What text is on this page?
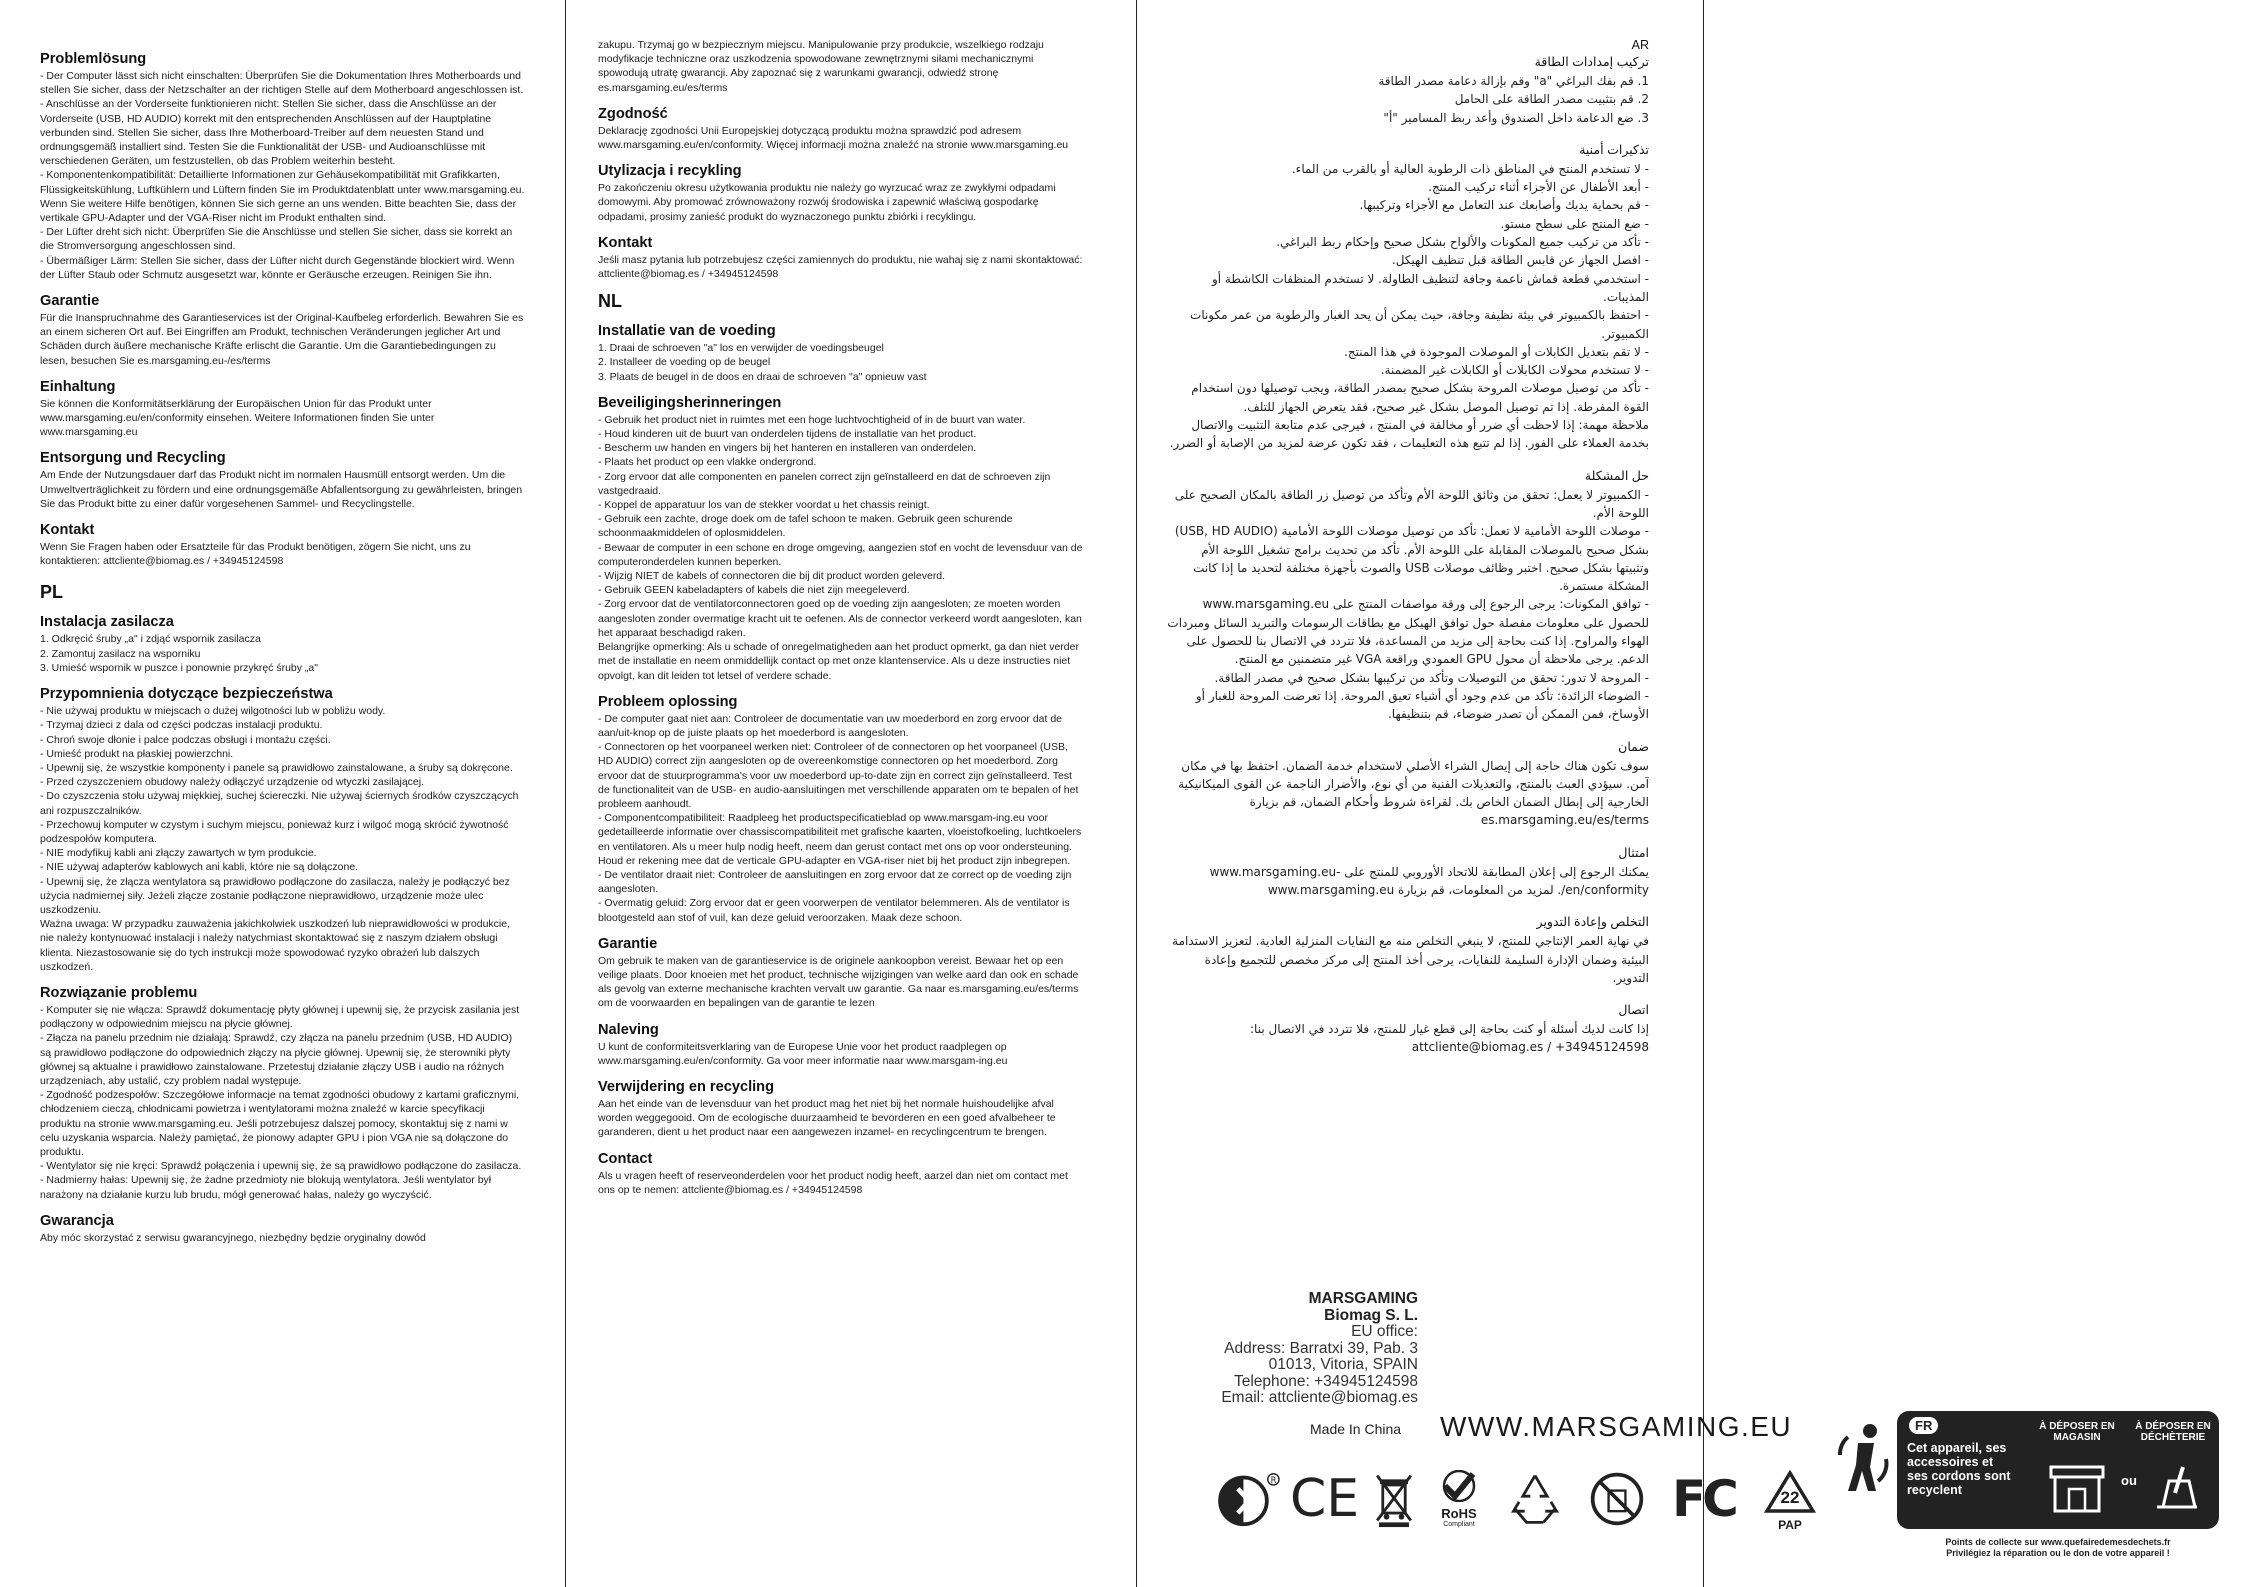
Problemlösung
- Der Computer lässt sich nicht einschalten: Überprüfen Sie die Dokumentation Ihres Motherboards und stellen Sie sicher, dass der Netzschalter an der richtigen Stelle auf dem Motherboard angeschlossen ist.
- Anschlüsse an der Vorderseite funktionieren nicht: Stellen Sie sicher, dass die Anschlüsse an der Vorderseite (USB, HD AUDIO) korrekt mit den entsprechenden Anschlüssen auf der Hauptplatine verbunden sind. Stellen Sie sicher, dass Ihre Motherboard-Treiber auf dem neuesten Stand und ordnungsgemäß installiert sind. Testen Sie die Funktionalität der USB- und Audioanschlüsse mit verschiedenen Geräten, um festzustellen, ob das Problem weiterhin besteht.
- Komponentenkompatibilität: Detaillierte Informationen zur Gehäusekompatibilität mit Grafikkarten, Flüssigkeitskühlung, Luftkühlern und Lüftern finden Sie im Produktdatenblatt unter www.marsgaming.eu. Wenn Sie weitere Hilfe benötigen, können Sie sich gerne an uns wenden. Bitte beachten Sie, dass der vertikale GPU-Adapter und der VGA-Riser nicht im Produkt enthalten sind.
- Der Lüfter dreht sich nicht: Überprüfen Sie die Anschlüsse und stellen Sie sicher, dass sie korrekt an die Stromversorgung angeschlossen sind.
- Übermäßiger Lärm: Stellen Sie sicher, dass der Lüfter nicht durch Gegenstände blockiert wird. Wenn der Lüfter Staub oder Schmutz ausgesetzt war, könnte er Geräusche erzeugen. Reinigen Sie ihn.
Garantie
Für die Inanspruchnahme des Garantieservices ist der Original-Kaufbeleg erforderlich. Bewahren Sie es an einem sicheren Ort auf. Bei Eingriffen am Produkt, technischen Veränderungen jeglicher Art und Schäden durch äußere mechanische Kräfte erlischt die Garantie. Um die Garantiebedingungen zu lesen, besuchen Sie es.marsgaming.eu-/es/terms
Einhaltung
Sie können die Konformitätserklärung der Europäischen Union für das Produkt unter www.marsgaming.eu/en/conformity einsehen. Weitere Informationen finden Sie unter www.marsgaming.eu
Entsorgung und Recycling
Am Ende der Nutzungsdauer darf das Produkt nicht im normalen Hausmüll entsorgt werden. Um die Umweltverträglichkeit zu fördern und eine ordnungsgemäße Abfallentsorgung zu gewährleisten, bringen Sie das Produkt bitte zu einer dafür vorgesehenen Sammel- und Recyclingstelle.
Kontakt
Wenn Sie Fragen haben oder Ersatzteile für das Produkt benötigen, zögern Sie nicht, uns zu kontaktieren: attcliente@biomag.es / +34945124598
PL
Instalacja zasilacza
1. Odkręcić śruby „a" i zdjąć wspornik zasilacza
2. Zamontuj zasilacz na wsporniku
3. Umieść wspornik w puszce i ponownie przykręć śruby „a"
Przypomnienia dotyczące bezpieczeństwa
- Nie używaj produktu w miejscach o dużej wilgotności lub w pobliżu wody.
- Trzymaj dzieci z dala od części podczas instalacji produktu.
- Chroń swoje dłonie i palce podczas obsługi i montażu części.
- Umieść produkt na płaskiej powierzchni.
- Upewnij się, że wszystkie komponenty i panele są prawidłowo zainstalowane, a śruby są dokręcone.
- Przed czyszczeniem obudowy należy odłączyć urządzenie od wtyczki zasilającej.
- Do czyszczenia stołu używaj miękkiej, suchej ściereczki. Nie używaj ściernych środków czyszczących ani rozpuszczalników.
- Przechowuj komputer w czystym i suchym miejscu, ponieważ kurz i wilgoć mogą skrócić żywotność podzespołów komputera.
- NIE modyfikuj kabli ani złączy zawartych w tym produkcie.
- NIE używaj adapterów kablowych ani kabli, które nie są dołączone.
- Upewnij się, że złącza wentylatora są prawidłowo podłączone do zasilacza, należy je podłączyć bez użycia nadmiernej siły. Jeżeli złącze zostanie podłączone nieprawidłowo, urządzenie może ulec uszkodzeniu.
Ważna uwaga: W przypadku zauważenia jakichkolwiek uszkodzeń lub nieprawidłowości w produkcie, nie należy kontynuować instalacji i należy natychmiast skontaktować się z naszym działem obsługi klienta. Niezastosowanie się do tych instrukcji może spowodować ryzyko obrażeń lub dalszych uszkodzeń.
Rozwiązanie problemu
- Komputer się nie włącza: Sprawdź dokumentację płyty głównej i upewnij się, że przycisk zasilania jest podłączony w odpowiednim miejscu na płycie głównej.
- Złącza na panelu przednim nie działają: Sprawdź, czy złącza na panelu przednim (USB, HD AUDIO) są prawidłowo podłączone do odpowiednich złączy na płycie głównej. Upewnij się, że sterowniki płyty głównej są aktualne i prawidłowo zainstalowane. Przetestuj działanie złączy USB i audio na różnych urządzeniach, aby ustalić, czy problem nadal występuje.
- Zgodność podzespołów: Szczegółowe informacje na temat zgodności obudowy z kartami graficznymi, chłodzeniem cieczą, chłodnicami powietrza i wentylatorami można znaleźć w karcie specyfikacji produktu na stronie www.marsgaming.eu. Jeśli potrzebujesz dalszej pomocy, skontaktuj się z nami w celu uzyskania wsparcia. Należy pamiętać, że pionowy adapter GPU i pion VGA nie są dołączone do produktu.
- Wentylator się nie kręci: Sprawdź połączenia i upewnij się, że są prawidłowo podłączone do zasilacza.
- Nadmierny hałas: Upewnij się, że żadne przedmioty nie blokują wentylatora. Jeśli wentylator był narażony na działanie kurzu lub brudu, mógł generować hałas, należy go wyczyścić.
Gwarancja
Aby móc skorzystać z serwisu gwarancyjnego, niezbędny będzie oryginalny dowód
zakupu. Trzymaj go w bezpiecznym miejscu. Manipulowanie przy produkcie, wszelkiego rodzaju modyfikacje techniczne oraz uszkodzenia spowodowane zewnętrznymi siłami mechanicznymi spowodują utratę gwarancji. Aby zapoznać się z warunkami gwarancji, odwiedź stronę es.marsgaming.eu/es/terms
Zgodność
Deklarację zgodności Unii Europejskiej dotyczącą produktu można sprawdzić pod adresem www.marsgaming.eu/en/conformity. Więcej informacji można znaleźć na stronie www.marsgaming.eu
Utylizacja i recykling
Po zakończeniu okresu użytkowania produktu nie należy go wyrzucać wraz ze zwykłymi odpadami domowymi. Aby promować zrównoważony rozwój środowiska i zapewnić właściwą gospodarkę odpadami, prosimy zanieść produkt do wyznaczonego punktu zbiórki i recyklingu.
Kontakt
Jeśli masz pytania lub potrzebujesz części zamiennych do produktu, nie wahaj się z nami skontaktować: attcliente@biomag.es / +34945124598
NL
Installatie van de voeding
1. Draai de schroeven "a" los en verwijder de voedingsbeugel
2. Installeer de voeding op de beugel
3. Plaats de beugel in de doos en draai de schroeven "a" opnieuw vast
Beveiligingsherinneringen
- Gebruik het product niet in ruimtes met een hoge luchtvochtigheid of in de buurt van water.
- Houd kinderen uit de buurt van onderdelen tijdens de installatie van het product.
- Bescherm uw handen en vingers bij het hanteren en installeren van onderdelen.
- Plaats het product op een vlakke ondergrond.
- Zorg ervoor dat alle componenten en panelen correct zijn geïnstalleerd en dat de schroeven zijn vastgedraaid.
- Koppel de apparatuur los van de stekker voordat u het chassis reinigt.
- Gebruik een zachte, droge doek om de tafel schoon te maken. Gebruik geen schurende schoonmaakmiddelen of oplosmiddelen.
- Bewaar de computer in een schone en droge omgeving, aangezien stof en vocht de levensduur van de computeronderdelen kunnen beperken.
- Wijzig NIET de kabels of connectoren die bij dit product worden geleverd.
- Gebruik GEEN kabeladapters of kabels die niet zijn meegeleverd.
- Zorg ervoor dat de ventilatorconnectoren goed op de voeding zijn aangesloten; ze moeten worden aangesloten zonder overmatige kracht uit te oefenen. Als de connector verkeerd wordt aangesloten, kan het apparaat beschadigd raken.
Belangrijke opmerking: Als u schade of onregelmatigheden aan het product opmerkt, ga dan niet verder met de installatie en neem onmiddellijk contact op met onze klantenservice. Als u deze instructies niet opvolgt, kan dit leiden tot letsel of verdere schade.
Probleem oplossing
- De computer gaat niet aan: Controleer de documentatie van uw moederbord en zorg ervoor dat de aan/uit-knop op de juiste plaats op het moederbord is aangesloten.
- Connectoren op het voorpaneel werken niet: Controleer of de connectoren op het voorpaneel (USB, HD AUDIO) correct zijn aangesloten op de overeenkomstige connectoren op het moederbord. Zorg ervoor dat de stuurprogramma's voor uw moederbord up-to-date zijn en correct zijn geïnstalleerd. Test de functionaliteit van de USB- en audio-aansluitingen met verschillende apparaten om te bepalen of het probleem aanhoudt.
- Componentcompatibiliteit: Raadpleeg het productspecificatieblad op www.marsgam-ing.eu voor gedetailleerde informatie over chassiscompatibiliteit met grafische kaarten, vloeistofkoeling, luchtkoelers en ventilatoren. Als u meer hulp nodig heeft, neem dan gerust contact met ons op voor ondersteuning. Houd er rekening mee dat de verticale GPU-adapter en VGA-riser niet bij het product zijn inbegrepen.
- De ventilator draait niet: Controleer de aansluitingen en zorg ervoor dat ze correct op de voeding zijn aangesloten.
- Overmatig geluid: Zorg ervoor dat er geen voorwerpen de ventilator belemmeren. Als de ventilator is blootgesteld aan stof of vuil, kan deze geluid veroorzaken. Maak deze schoon.
Garantie
Om gebruik te maken van de garantieservice is de originele aankoopbon vereist. Bewaar het op een veilige plaats. Door knoeien met het product, technische wijzigingen van welke aard dan ook en schade als gevolg van externe mechanische krachten vervalt uw garantie. Ga naar es.marsgaming.eu/es/terms om de voorwaarden en bepalingen van de garantie te lezen
Naleving
U kunt de conformiteitsverklaring van de Europese Unie voor het product raadplegen op www.marsgaming.eu/en/conformity. Ga voor meer informatie naar www.marsgam-ing.eu
Verwijdering en recycling
Aan het einde van de levensduur van het product mag het niet bij het normale huishoudelijke afval worden weggegooid. Om de ecologische duurzaamheid te bevorderen en een goed afvalbeheer te garanderen, dient u het product naar een aangewezen inzamel- en recyclingcentrum te brengen.
Contact
Als u vragen heeft of reserveonderdelen voor het product nodig heeft, aarzel dan niet om contact met ons op te nemen: attcliente@biomag.es / +34945124598
AR
تركيب إمدادات الطاقة
1. قم بفك البراغي "a" وقم بإزالة دعامة مصدر الطاقة
2. قم بتثبيت مصدر الطاقة على الحامل
3. ضع الدعامة داخل الصندوق وأعد ربط المسامير "أ"
تذكيرات أمنية
- لا تستخدم المنتج في المناطق ذات الرطوبة العالية أو بالقرب من الماء.
- أبعد الأطفال عن الأجزاء أثناء تركيب المنتج.
- قم بحماية يديك وأصابعك عند التعامل مع الأجزاء وتركيبها.
- ضع المنتج على سطح مستو.
- تأكد من تركيب جميع المكونات والألواح بشكل صحيح وإحكام ربط البراغي.
- افصل الجهاز عن قابس الطاقة قبل تنظيف الهيكل.
- استخدمي قطعة قماش ناعمة وجافة لتنظيف الطاولة. لا تستخدم المنظفات الكاشطة أو المذيبات.
- احتفظ بالكمبيوتر في بيئة نظيفة وجافة، حيث يمكن أن يحد الغبار والرطوبة من عمر مكونات الكمبيوتر.
- لا تقم بتعديل الكابلات أو الموصلات الموجودة في هذا المنتج.
- لا تستخدم محولات الكابلات أو الكابلات غير المضمنة.
- تأكد من توصيل موصلات المروحة بشكل صحيح بمصدر الطاقة، ويجب توصيلها دون استخدام القوة المفرطة. إذا تم توصيل الموصل بشكل غير صحيح، فقد يتعرض الجهاز للتلف.
ملاحظة مهمة: إذا لاحظت أي ضرر أو مخالفة في المنتج ، فيرجى عدم متابعة التثبيت والاتصال بخدمة العملاء على الفور. إذا لم تتبع هذه التعليمات ، فقد تكون عرضة لمزيد من الإصابة أو الضرر.
حل المشكلة
- الكمبيوتر لا يعمل: تحقق من وثائق اللوحة الأم وتأكد من توصيل زر الطاقة بالمكان الصحيح على اللوحة الأم.
- موصلات اللوحة الأمامية لا تعمل: تأكد من توصيل موصلات اللوحة الأمامية (USB, HD AUDIO) بشكل صحيح بالموصلات المقابلة على اللوحة الأم. تأكد من تحديث برامج تشغيل اللوحة الأم وتثبيتها بشكل صحيح. اختبر وظائف موصلات USB والصوت بأجهزة مختلفة لتحديد ما إذا كانت المشكلة مستمرة.
- توافق المكونات: يرجى الرجوع إلى ورقة مواصفات المنتج على www.marsgaming.eu للحصول على معلومات مفصلة حول توافق الهيكل مع بطاقات الرسومات والتبريد السائل ومبردات الهواء والمراوح. إذا كنت بحاجة إلى مزيد من المساعدة، فلا تتردد في الاتصال بنا للحصول على الدعم. يرجى ملاحظة أن محول GPU العمودي وراقعة VGA غير متضمنين مع المنتج.
- المروحة لا تدور: تحقق من التوصيلات وتأكد من تركيبها بشكل صحيح في مصدر الطاقة.
- الضوضاء الزائدة: تأكد من عدم وجود أي أشياء تعيق المروحة. إذا تعرضت المروحة للغبار أو الأوساخ، فمن الممكن أن تصدر ضوضاء، قم بتنظيفها.
ضمان
سوف تكون هناك حاجة إلى إيصال الشراء الأصلي لاستخدام خدمة الضمان. احتفظ بها في مكان آمن. سيؤدي العبث بالمنتج، والتعديلات الفنية من أي نوع، والأضرار الناجمة عن القوى الميكانيكية الخارجية إلى إبطال الضمان الخاص بك. لقراءة شروط وأحكام الضمان، قم بزيارة es.marsgaming.eu/es/terms
امتثال
يمكنك الرجوع إلى إعلان المطابقة للاتحاد الأوروبي للمنتج على -www.marsgaming.eu en/conformity/. لمزيد من المعلومات، قم بزيارة www.marsgaming.eu
التخلص وإعادة التدوير
في نهاية العمر الإنتاجي للمنتج، لا ينبغي التخلص منه مع النفايات المنزلية العادية. لتعزيز الاستدامة البيئية وضمان الإدارة السليمة للنفايات، يرجى أخذ المنتج إلى مركز مخصص للتجميع وإعادة التدوير.
اتصال
إذا كانت لديك أسئلة أو كنت بحاجة إلى قطع غيار للمنتج، فلا تتردد في الاتصال بنا: attcliente@biomag.es / +34945124598
MARSGAMING
Biomag S. L.
EU office:
Address: Barratxi 39, Pab. 3
01013, Vitoria, SPAIN
Telephone: +34945124598
Email: attcliente@biomag.es
Made In China WWW.MARSGAMING.EU
R CE	RoHS
Compliant	FC	22
PAP
FR
Cet appareil, ses accessoires et ses cordons sont recyclent
À DÉPOSER EN MAGASIN
À DÉPOSER EN DÉCHÈTERIE
ou
Points de collecte sur www.quefairedemesdechets.fr
Privilégiez la réparation ou le don de votre appareil !
